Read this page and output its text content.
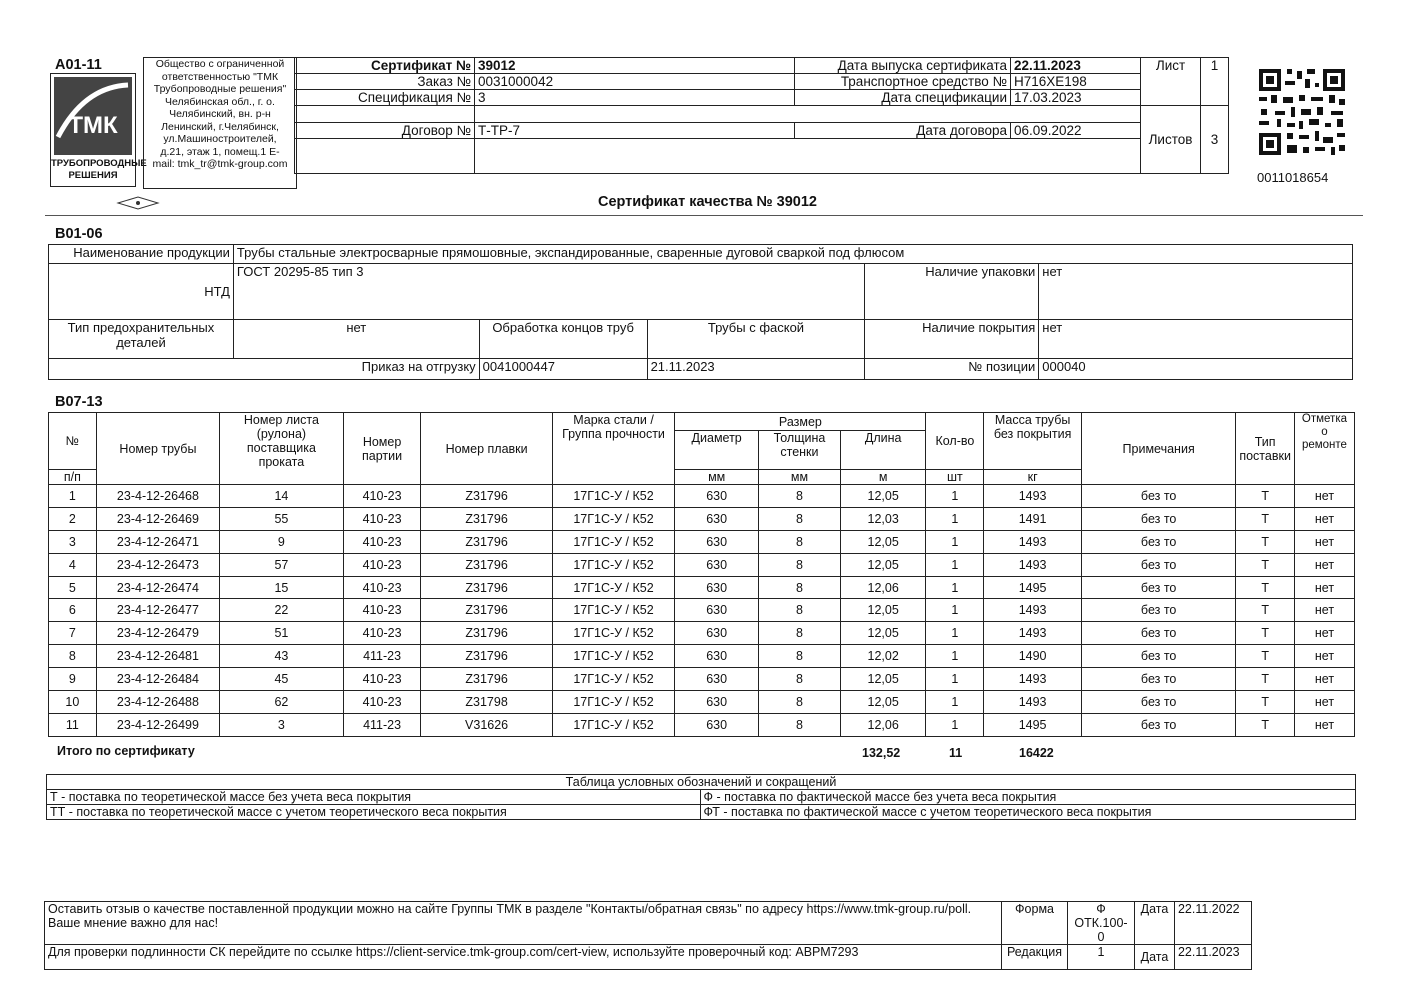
А01-11
ТМК
ТРУБОПРОВОДНЫЕ РЕШЕНИЯ
Общество с ограниченной
ответственностью "ТМК
Трубопроводные решения"
Челябинская обл., г. о.
Челябинский, вн. р-н
Ленинский, г.Челябинск,
ул.Машиностроителей,
д.21, этаж 1, помещ.1 E-
mail: tmk_tr@tmk-group.com
Сертификат №	39012	Дата выпуска сертификата	22.11.2023	Лист	1
Заказ №	0031000042	Транспортное средство №	Н716ХЕ198		
Спецификация №	3	Дата спецификации	17.03.2023		
				Листов	3
Договор №	Т-ТР-7	Дата договора	06.09.2022		

0011018654
Сертификат качества № 39012
В01-06
Наименование продукции	Трубы стальные электросварные прямошовные, экспандированные, сваренные дуговой сваркой под флюсом				
НТД	ГОСТ 20295-85 тип 3			Наличие упаковки	нет
Тип предохранительных деталей	нет	Обработка концов труб	Трубы с фаской	Наличие покрытия	нет
Приказ на отгрузку		0041000447	21.11.2023	№ позиции	000040
В07-13
№	Номер трубы	Номер листа (рулона) поставщика проката	Номер партии	Номер плавки	Марка стали / Группа прочности	Размер			Кол-во	Масса трубы без покрытия	Примечания	Тип поставки	Отметка о ремонте
						Диаметр	Толщина стенки	Длина					
п/п						мм	мм	м	шт	кг			
1	23-4-12-26468	14	410-23	Z31796	17Г1С-У / К52	630	8	12,05	1	1493	без то	Т	нет
2	23-4-12-26469	55	410-23	Z31796	17Г1С-У / К52	630	8	12,03	1	1491	без то	Т	нет
3	23-4-12-26471	9	410-23	Z31796	17Г1С-У / К52	630	8	12,05	1	1493	без то	Т	нет
4	23-4-12-26473	57	410-23	Z31796	17Г1С-У / К52	630	8	12,05	1	1493	без то	Т	нет
5	23-4-12-26474	15	410-23	Z31796	17Г1С-У / К52	630	8	12,06	1	1495	без то	Т	нет
6	23-4-12-26477	22	410-23	Z31796	17Г1С-У / К52	630	8	12,05	1	1493	без то	Т	нет
7	23-4-12-26479	51	410-23	Z31796	17Г1С-У / К52	630	8	12,05	1	1493	без то	Т	нет
8	23-4-12-26481	43	411-23	Z31796	17Г1С-У / К52	630	8	12,02	1	1490	без то	Т	нет
9	23-4-12-26484	45	410-23	Z31796	17Г1С-У / К52	630	8	12,05	1	1493	без то	Т	нет
10	23-4-12-26488	62	410-23	Z31798	17Г1С-У / К52	630	8	12,05	1	1493	без то	Т	нет
11	23-4-12-26499	3	411-23	V31626	17Г1С-У / К52	630	8	12,06	1	1495	без то	Т	нет
Итого по сертификату	132,52	11	16422
Таблица условных обозначений и сокращений	
Т - поставка по теоретической массе без учета веса покрытия	Ф - поставка по фактической массе без учета веса покрытия
ТТ - поставка по теоретической массе с учетом теоретического веса покрытия	ФТ - поставка по фактической массе с учетом теоретического веса покрытия
Оставить отзыв о качестве поставленной продукции можно на сайте Группы ТМК в разделе "Контакты/обратная связь" по адресу https://www.tmk-group.ru/poll. Ваше мнение важно для нас!	Форма	Ф ОТК.100-0	Дата	22.11.2022
Для проверки подлинности СК перейдите по ссылке https://client-service.tmk-group.com/cert-view, используйте проверочный код: АВРМ7293	Редакция	1	Дата	22.11.2023
